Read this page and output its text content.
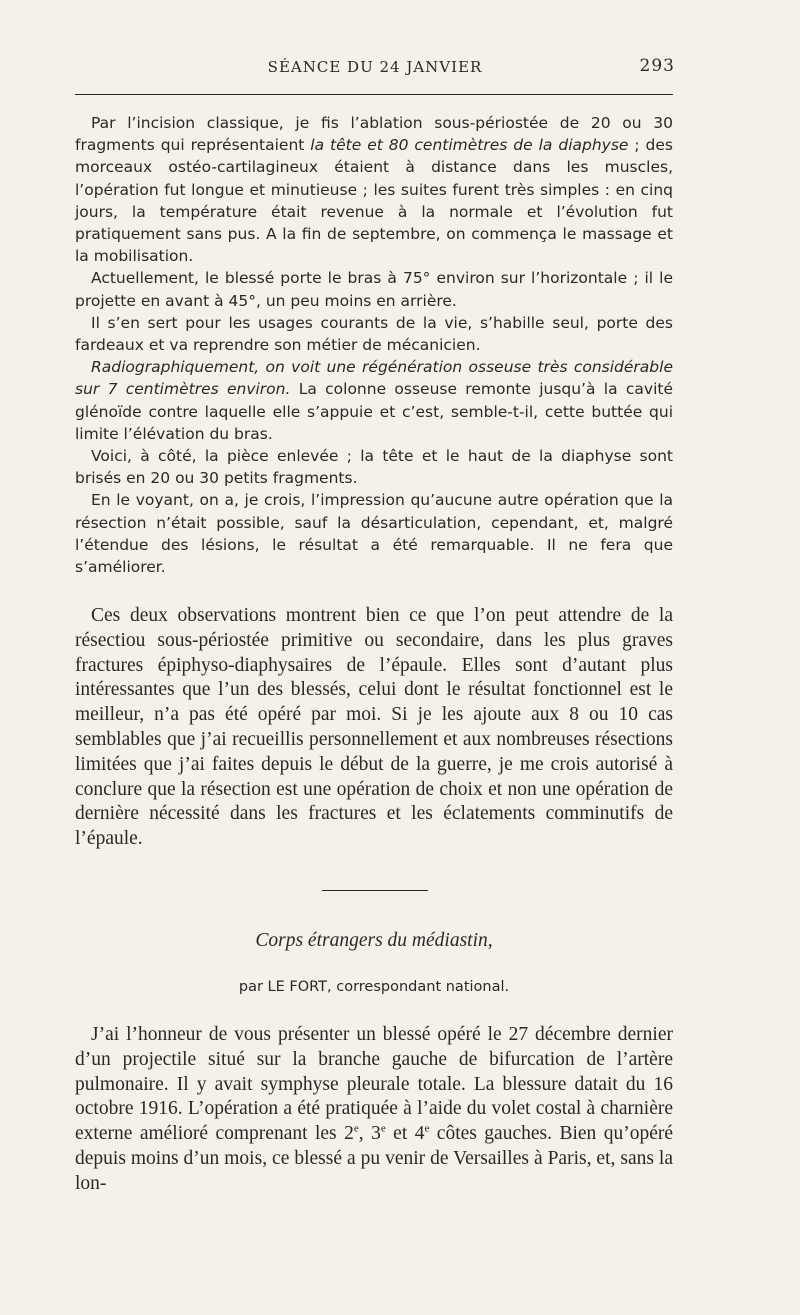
SÉANCE DU 24 JANVIER	293

Par l’incision classique, je fis l’ablation sous-périostée de 20 ou 30 fragments qui représentaient la tête et 80 centimètres de la diaphyse ; des morceaux ostéo-cartilagineux étaient à distance dans les muscles, l’opération fut longue et minutieuse ; les suites furent très simples : en cinq jours, la température était revenue à la normale et l’évolution fut pratiquement sans pus. A la fin de septembre, on commença le massage et la mobilisation.

Actuellement, le blessé porte le bras à 75° environ sur l’horizontale ; il le projette en avant à 45°, un peu moins en arrière.

Il s’en sert pour les usages courants de la vie, s’habille seul, porte des fardeaux et va reprendre son métier de mécanicien.

Radiographiquement, on voit une régénération osseuse très considérable sur 7 centimètres environ. La colonne osseuse remonte jusqu’à la cavité glénoïde contre laquelle elle s’appuie et c’est, semble-t-il, cette buttée qui limite l’élévation du bras.

Voici, à côté, la pièce enlevée ; la tête et le haut de la diaphyse sont brisés en 20 ou 30 petits fragments.

En le voyant, on a, je crois, l’impression qu’aucune autre opération que la résection n’était possible, sauf la désarticulation, cependant, et, malgré l’étendue des lésions, le résultat a été remarquable. Il ne fera que s’améliorer.

Ces deux observations montrent bien ce que l’on peut attendre de la résectiou sous-périostée primitive ou secondaire, dans les plus graves fractures épiphyso-diaphysaires de l’épaule. Elles sont d’autant plus intéressantes que l’un des blessés, celui dont le résultat fonctionnel est le meilleur, n’a pas été opéré par moi. Si je les ajoute aux 8 ou 10 cas semblables que j’ai recueillis personnellement et aux nombreuses résections limitées que j’ai faites depuis le début de la guerre, je me crois autorisé à conclure que la résection est une opération de choix et non une opération de dernière nécessité dans les fractures et les éclatements comminutifs de l’épaule.

Corps étrangers du médiastin,
par LE FORT, correspondant national.

J’ai l’honneur de vous présenter un blessé opéré le 27 décembre dernier d’un projectile situé sur la branche gauche de bifurcation de l’artère pulmonaire. Il y avait symphyse pleurale totale. La blessure datait du 16 octobre 1916. L’opération a été pratiquée à l’aide du volet costal à charnière externe amélioré comprenant les 2e, 3e et 4e côtes gauches. Bien qu’opéré depuis moins d’un mois, ce blessé a pu venir de Versailles à Paris, et, sans la lon-
